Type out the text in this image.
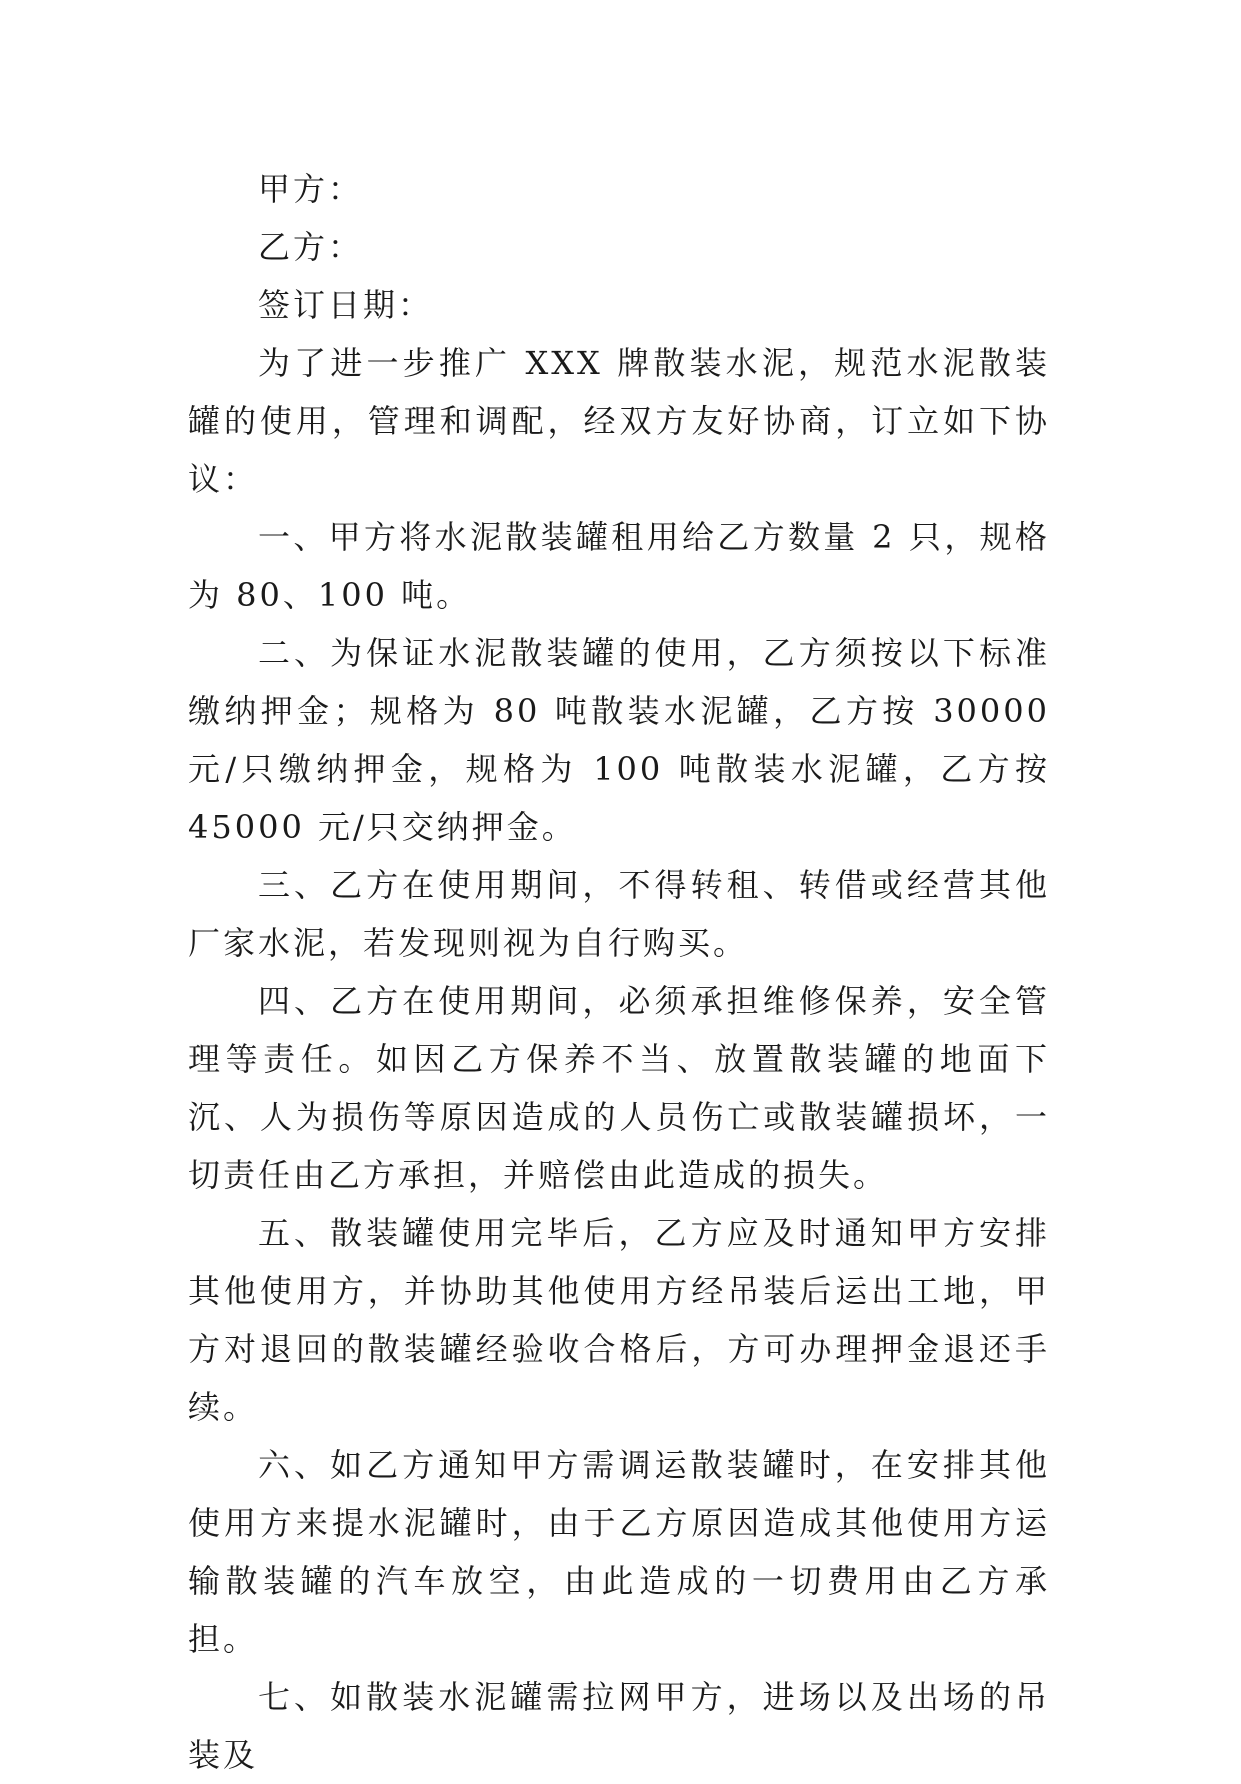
甲方：

乙方：

签订日期：

为了进一步推广 XXX 牌散装水泥，规范水泥散装罐的使用，管理和调配，经双方友好协商，订立如下协议：

一、甲方将水泥散装罐租用给乙方数量 2 只，规格为 80、100 吨。

二、为保证水泥散装罐的使用，乙方须按以下标准缴纳押金；规格为 80 吨散装水泥罐，乙方按 30000 元/只缴纳押金，规格为 100 吨散装水泥罐，乙方按 45000 元/只交纳押金。

三、乙方在使用期间，不得转租、转借或经营其他厂家水泥，若发现则视为自行购买。

四、乙方在使用期间，必须承担维修保养，安全管理等责任。如因乙方保养不当、放置散装罐的地面下沉、人为损伤等原因造成的人员伤亡或散装罐损坏，一切责任由乙方承担，并赔偿由此造成的损失。

五、散装罐使用完毕后，乙方应及时通知甲方安排其他使用方，并协助其他使用方经吊装后运出工地，甲方对退回的散装罐经验收合格后，方可办理押金退还手续。

六、如乙方通知甲方需调运散装罐时，在安排其他使用方来提水泥罐时，由于乙方原因造成其他使用方运输散装罐的汽车放空，由此造成的一切费用由乙方承担。

七、如散装水泥罐需拉网甲方，进场以及出场的吊装及
